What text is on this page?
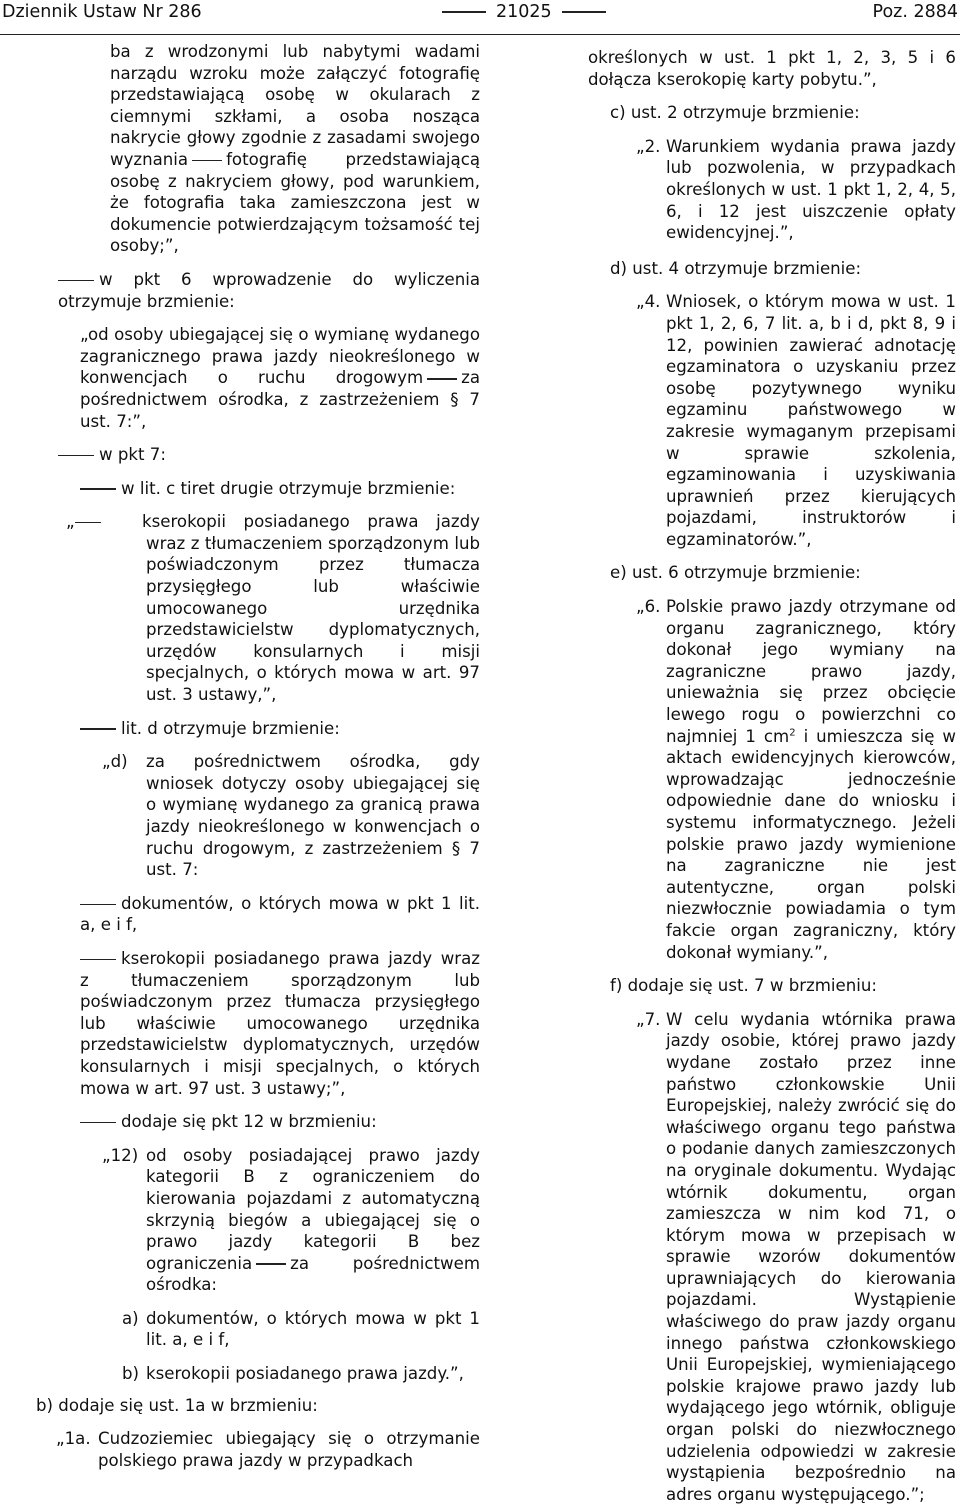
Dziennik Ustaw Nr 286	21025	Poz. 2884

ba z wrodzonymi lub nabytymi wadami narządu wzroku może załączyć fotografię przedstawiającą osobę w okularach z ciemnymi szkłami, a osoba nosząca nakrycie głowy zgodnie z zasadami swojego wyznania fotografię przedstawiającą osobę z nakryciem głowy, pod warunkiem, że fotografia taka zamieszczona jest w dokumencie potwierdzającym tożsamość tej osoby;”,

w pkt 6 wprowadzenie do wyliczenia otrzymuje brzmienie:

„od osoby ubiegającej się o wymianę wydanego zagranicznego prawa jazdy nieokreślonego w konwencjach o ruchu drogowym za pośrednictwem ośrodka, z zastrzeżeniem § 7 ust. 7:”,

w pkt 7:

w lit. c tiret drugie otrzymuje brzmienie:

„	kserokopii posiadanego prawa jazdy wraz z tłumaczeniem sporządzonym lub poświadczonym przez tłumacza przysięgłego lub właściwie umocowanego urzędnika przedstawicielstw dyplomatycznych, urzędów konsularnych i misji specjalnych, o których mowa w art. 97 ust. 3 ustawy,”,

lit. d otrzymuje brzmienie:

„d) za pośrednictwem ośrodka, gdy wniosek dotyczy osoby ubiegającej się o wymianę wydanego za granicą prawa jazdy nieokreślonego w konwencjach o ruchu drogowym, z zastrzeżeniem § 7 ust. 7:

dokumentów, o których mowa w pkt 1 lit. a, e i f,

kserokopii posiadanego prawa jazdy wraz z tłumaczeniem sporządzonym lub poświadczonym przez tłumacza przysięgłego lub właściwie umocowanego urzędnika przedstawicielstw dyplomatycznych, urzędów konsularnych i misji specjalnych, o których mowa w art. 97 ust. 3 ustawy;”,

dodaje się pkt 12 w brzmieniu:

„12) od osoby posiadającej prawo jazdy kategorii B z ograniczeniem do kierowania pojazdami z automatyczną skrzynią biegów a ubiegającej się o prawo jazdy kategorii B bez ograniczenia za pośrednictwem ośrodka:

a) dokumentów, o których mowa w pkt 1 lit. a, e i f,

b) kserokopii posiadanego prawa jazdy.”,

b) dodaje się ust. 1a w brzmieniu:

„1a. Cudzoziemiec ubiegający się o otrzymanie polskiego prawa jazdy w przypadkach

określonych w ust. 1 pkt 1, 2, 3, 5 i 6 dołącza kserokopię karty pobytu.”,

c) ust. 2 otrzymuje brzmienie:

„2. Warunkiem wydania prawa jazdy lub pozwolenia, w przypadkach określonych w ust. 1 pkt 1, 2, 4, 5, 6, i 12 jest uiszczenie opłaty ewidencyjnej.”,

d) ust. 4 otrzymuje brzmienie:

„4. Wniosek, o którym mowa w ust. 1 pkt 1, 2, 6, 7 lit. a, b i d, pkt 8, 9 i 12, powinien zawierać adnotację egzaminatora o uzyskaniu przez osobę pozytywnego wyniku egzaminu państwowego w zakresie wymaganym przepisami w sprawie szkolenia, egzaminowania i uzyskiwania uprawnień przez kierujących pojazdami, instruktorów i egzaminatorów.”,

e) ust. 6 otrzymuje brzmienie:

„6. Polskie prawo jazdy otrzymane od organu zagranicznego, który dokonał jego wymiany na zagraniczne prawo jazdy, unieważnia się przez obcięcie lewego rogu o powierzchni co najmniej 1 $cm^2$ i umieszcza się w aktach ewidencyjnych kierowców, wprowadzając jednocześnie odpowiednie dane do wniosku i systemu informatycznego. Jeżeli polskie prawo jazdy wymienione na zagraniczne nie jest autentyczne, organ polski niezwłocznie powiadamia o tym fakcie organ zagraniczny, który dokonał wymiany.”,

f) dodaje się ust. 7 w brzmieniu:

„7. W celu wydania wtórnika prawa jazdy osobie, której prawo jazdy wydane zostało przez inne państwo członkowskie Unii Europejskiej, należy zwrócić się do właściwego organu tego państwa o podanie danych zamieszczonych na oryginale dokumentu. Wydając wtórnik dokumentu, organ zamieszcza w nim kod 71, o którym mowa w przepisach w sprawie wzorów dokumentów uprawniających do kierowania pojazdami. Wystąpienie właściwego do praw jazdy organu innego państwa członkowskiego Unii Europejskiej, wymieniającego polskie krajowe prawo jazdy lub wydającego jego wtórnik, obliguje organ polski do niezwłocznego udzielenia odpowiedzi w zakresie wystąpienia bezpośrednio na adres organu występującego.”;
